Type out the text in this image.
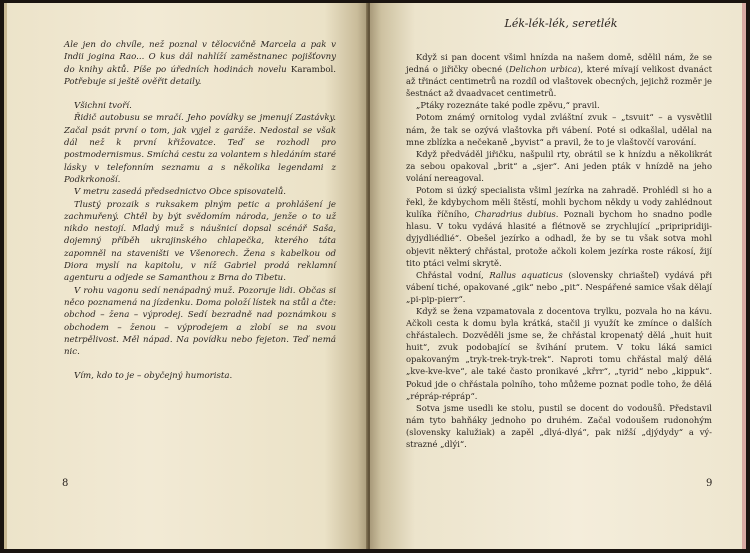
Ale jen do chvíle, než poznal v tělocvičně Marcela a pak v Indii jogina Rao... O kus dál nahlíží zaměstnanec pojišťovny do knihy aktů. Píše po úředních hodinách novelu Karambol. Potřebuje si ještě ověřit detaily.

Všichni tvoří.

Řidič autobusu se mračí. Jeho povídky se jmenují Zastávky. Začal psát první o tom, jak vyjel z garáže. Nedostal se však dál než k první křižovatce. Teď se rozhodl pro postmodernismus. Smíchá cestu za volantem s hledáním staré lásky v telefonním seznamu a s několika legendami z Podkrkonoší.

V metru zasedá předsednictvo Obce spisovatelů.

Tlustý prozaik s ruksakem plným petic a prohlášení je zachmuřený. Chtěl by být svědomím národa, jenže o to už nikdo nestojí. Mladý muž s náušnicí dopsal scénář Saša, dojemný příběh ukrajinského chlapečka, kterého táta zapomněl na staveništi ve Všenorech. Žena s kabelkou od Diora myslí na kapitolu, v níž Gabriel prodá reklamní agenturu a odjede se Samanthou z Brna do Tibetu.

V rohu vagonu sedí nenápadný muž. Pozoruje lidi. Občas si něco poznamená na jízdenku. Doma položí lístek na stůl a čte: obchod – žena – výprodej. Sedí bezradně nad poznámkou s obchodem – ženou – výprodejem a zlobí se na svou netrpělivost. Měl nápad. Na povídku nebo fejeton. Teď nemá nic.

Vím, kdo to je – obyčejný humorista.

8
Lék-lék-lék, seretlék

Když si pan docent všiml hnízda na našem domě, sdělil nám, že se jedná o jiřičky obecné (Delichon urbica), které mívají velikost dvanáct až třináct centimetrů na rozdíl od vlaštovek obecných, jejichž rozměr je šestnáct až dvaadvacet centimetrů.

„Ptáky rozeznáte také podle zpěvu,“ pravil.

Potom známý ornitolog vydal zvláštní zvuk – „tsvuit“ – a vysvětlil nám, že tak se ozývá vlaštovka při vábení. Poté si odkašlal, udělal na mne zblízka a nečekaně „byvist“ a pravil, že to je vlaštovčí varování.

Když předváděl jiřičku, našpulil rty, obrátil se k hnízdu a několikrát za sebou opakoval „brit“ a „sjer“. Ani jeden pták v hnízdě na jeho volání nereagoval.

Potom si úzký specialista všiml jezírka na zahradě. Prohlédl si ho a řekl, že kdybychom měli štěstí, mohli bychom někdy u vody zahlédnout kulíka říčního, Charadrius dubius. Poznali bychom ho snadno podle hlasu. V toku vydává hlasité a flétnově se zrychlující „pripripridiji-dyjydliédlié“. Obešel jezírko a odhadl, že by se tu však sotva mohl objevit některý chřástal, protože ačkoli kolem jezírka roste rákosí, žijí tito ptáci velmi skrytě.

Chřástal vodní, Rallus aquaticus (slovensky chriašteľ) vydává při vábení tiché, opakované „gik“ nebo „pit“. Nespářené samice však dělají „pi-pip-pierr“.

Když se žena vzpamatovala z docentova trylku, pozvala ho na kávu. Ačkoli cesta k domu byla krátká, stačil ji využít ke zmínce o dalších chřástalech. Dozvěděli jsme se, že chřástal kropenatý dělá „huit huit huit“, zvuk podobající se švihání prutem. V toku láká samici opakovaným „tryk-trek-tryk-trek“. Naproti tomu chřástal malý dělá „kve-kve-kve“, ale také často pronikavé „křrr“, „tyrid“ nebo „kippuk“. Pokud jde o chřástala polního, toho můžeme poznat podle toho, že dělá „répráp-répráp“.

Sotva jsme usedli ke stolu, pustil se docent do vodoušů. Představil nám tyto bahňáky jednoho po druhém. Začal vodoušem rudonohým (slovensky kalužiak) a zapěl „dlyá-dlyá“, pak nižší „djýdydy“ a výstrazné „dlýi“.

9
